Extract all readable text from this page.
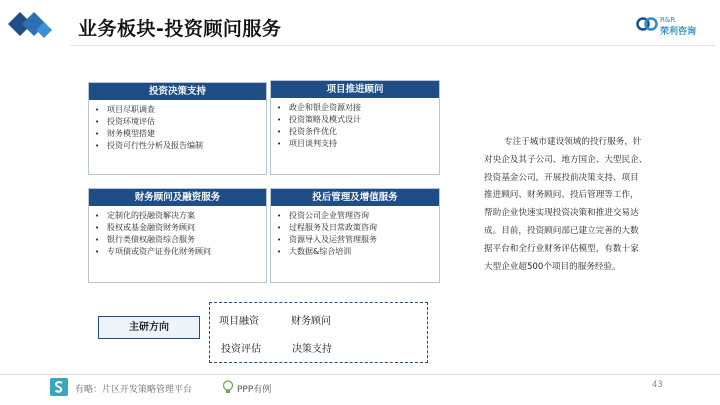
业务板块-投资顾问服务	R&R
荣利咨询
投资决策支持
• 项目尽职调查
• 投资环境评估
• 财务模型搭建
• 投资可行性分析及报告编制
项目推进顾问
• 政企和银企资源对接
• 投资策略及模式设计
• 投资条件优化
• 项目谈判支持
财务顾问及融资服务
• 定制化的投融资解决方案
• 股权或基金融资财务顾问
• 银行类债权融资综合服务
• 专项债或资产证券化财务顾问
投后管理及增值服务
• 投资公司企业管理咨询
• 过程服务及日常政策咨询
• 资源导入及运营管理服务
• 大数据&综合培训
专注于城市建设领域的投行服务，针
对央企及其子公司、地方国企、大型民企、
投资基金公司，开展投前决策支持、项目
推进顾问、财务顾问、投后管理等工作，
帮助企业快速实现投资决策和推进交易达
成。目前，投资顾问部已建立完善的大数
据平台和全行业财务评估模型，有数十家
大型企业超500个项目的服务经验。
主研方向
项目融资	财务顾问
投资评估	决策支持
有略：片区开发策略管理平台	PPP有例	43
